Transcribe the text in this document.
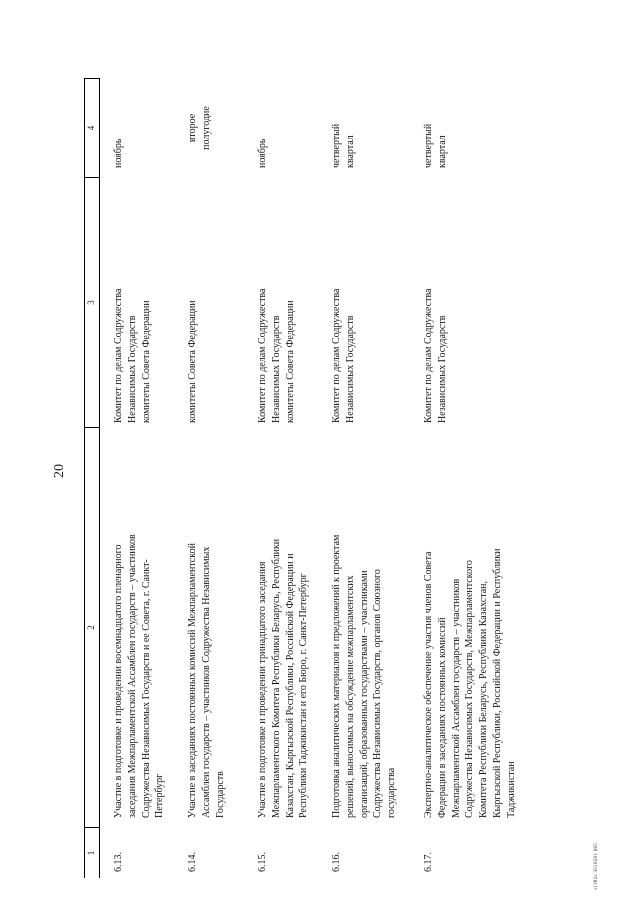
20
1
2
3
4
6.13.
Участие в подготовке и проведении восемнадцатого пленарного заседания Межпарламентской Ассамблеи государств – участников Содружества Независимых Государств и ее Совета, г. Санкт- Петербург
Комитет по делам Содружества Независимых Государств комитеты Совета Федерации
ноябрь
6.14.
Участие в заседаниях постоянных комиссий Межпарламентской Ассамблеи государств – участников Содружества Независимых Государств
комитеты Совета Федерации
второе полугодие
6.15.
Участие в подготовке и проведении тринадцатого заседания Межпарламентского Комитета Республики Беларусь, Республики Казахстан, Кыргызской Республики, Российской Федерации и Республики Таджикистан и его Бюро, г. Санкт-Петербург
Комитет по делам Содружества Независимых Государств комитеты Совета Федерации
ноябрь
6.16.
Подготовка аналитических материалов и предложений к проектам решений, выносимых на обсуждение межпарламентских организаций, образованных государствами – участниками Содружества Независимых Государств, органов Союзного государства
Комитет по делам Содружества Независимых Государств
четвертый квартал
6.17.
Экспертно-аналитическое обеспечение участия членов Совета Федерации в заседаниях постоянных комиссий Межпарламентской Ассамблеи государств – участников Содружества Независимых Государств, Межпарламентского Комитета Республики Беларусь, Республики Казахстан, Кыргызской Республики, Российской Федерации и Республики Таджикистан
Комитет по делам Содружества Независимых Государств
четвертый квартал
з1382с 3016591 665
